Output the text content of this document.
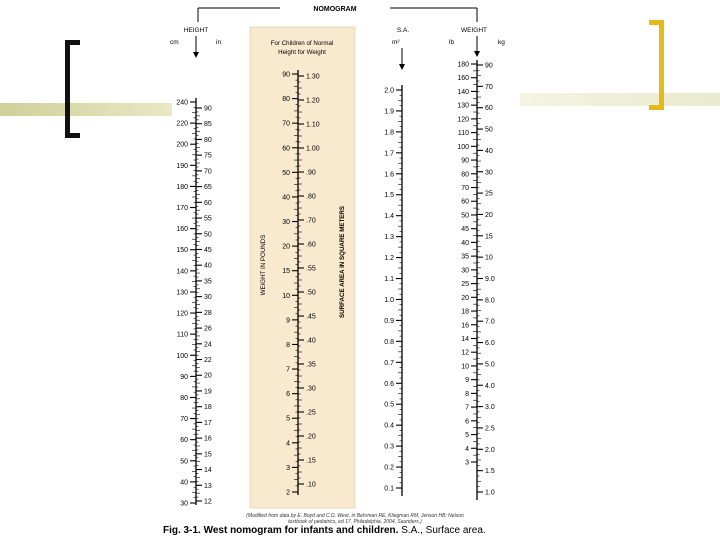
NOMOGRAM
HEIGHT
cm	in
240
220
200
190
180
170
160
150
140
130
120
110
100
90
80
70
60
50
40
30
90
85
80
75
70
65
60
55
50
45
40
35
30
28
26
24
22
20
19
18
17
16
15
14
13
12
For Children of Normal
Height for Weight
90
80
70
60
50
40
30
20
15
10
9
8
7
6
5
4
3
2
1.30
1.20
1.10
1.00
.90
.80
.70
.60
.55
.50
.45
.40
.35
.30
.25
.20
.15
.10
WEIGHT IN POUNDS	SURFACE AREA IN SQUARE METERS
S.A.
m²
2.0
1.9
1.8
1.7
1.6
1.5
1.4
1.3
1.2
1.1
1.0
0.9
0.8
0.7
0.6
0.5
0.4
0.3
0.2
0.1
WEIGHT
lb	kg
180
160
140
130
120
110
100
90
80
70
60
50
45
40
35
30
25
20
18
16
14
12
10
9
8
7
6
5
4
3
90
70
60
50
40
30
25
20
15
10
9.0
8.0
7.0
6.0
5.0
4.0
3.0
2.5
2.0
1.5
1.0
(Modified from data by E. Boyd and C.D. West, in Behrman RE, Kliegman RM, Jenson HB: Nelson textbook of pediatrics, ed 17, Philadelphia, 2004, Saunders.)
Fig. 3-1. West nomogram for infants and children. S.A., Surface area.
